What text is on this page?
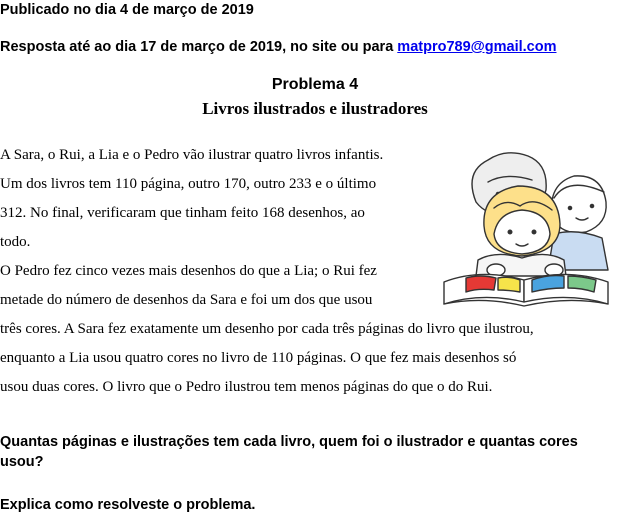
Publicado no dia 4 de março de 2019
Resposta até ao dia 17 de março de 2019, no site ou para matpro789@gmail.com
Problema 4
Livros ilustrados e ilustradores
A Sara, o Rui, a Lia e o Pedro vão ilustrar quatro livros infantis.
Um dos livros tem 110 página, outro 170, outro 233 e o último
312. No final, verificaram que tinham feito 168 desenhos, ao
todo.
O Pedro fez cinco vezes mais desenhos do que a Lia; o Rui fez
metade do número de desenhos da Sara e foi um dos que usou
três cores. A Sara fez exatamente um desenho por cada três páginas do livro que ilustrou,
enquanto a Lia usou quatro cores no livro de 110 páginas. O que fez mais desenhos só
usou duas cores. O livro que o Pedro ilustrou tem menos páginas do que o do Rui.
Quantas páginas e ilustrações tem cada livro, quem foi o ilustrador e quantas cores usou?
Explica como resolveste o problema.
